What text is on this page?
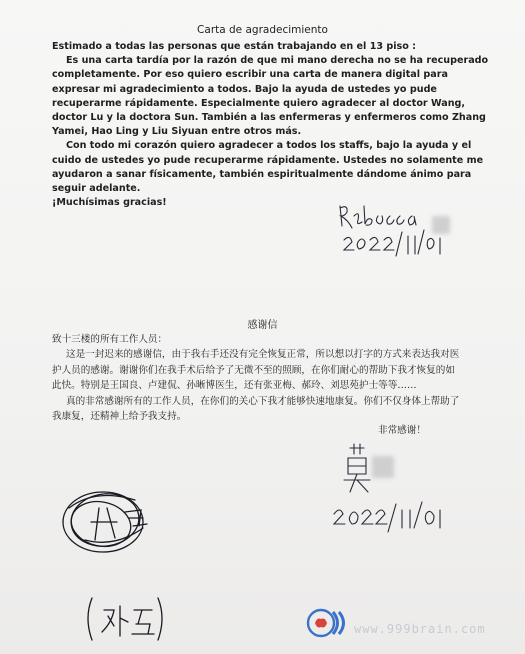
Carta de agradecimiento

Estimado a todas las personas que están trabajando en el 13 piso :

Es una carta tardía por la razón de que mi mano derecha no se ha recuperado completamente. Por eso quiero escribir una carta de manera digital para expresar mi agradecimiento a todos. Bajo la ayuda de ustedes yo pude recuperarme rápidamente. Especialmente quiero agradecer al doctor Wang, doctor Lu y la doctora Sun. También a las enfermeras y enfermeros como Zhang Yamei, Hao Ling y Liu Siyuan entre otros más.

Con todo mi corazón quiero agradecer a todos los staffs, bajo la ayuda y el cuido de ustedes yo pude recuperarme rápidamente. Ustedes no solamente me ayudaron a sanar físicamente, también espiritualmente dándome ánimo para seguir adelante.

¡Muchísimas gracias!

感谢信

致十三楼的所有工作人员：

这是一封迟来的感谢信，由于我右手还没有完全恢复正常，所以想以打字的方式来表达我对医护人员的感谢。谢谢你们在我手术后给予了无微不至的照顾，在你们耐心的帮助下我才恢复的如此快。特别是王国良、卢建侃、孙晰博医生，还有张亚梅、郝玲、刘思苑护士等等……

真的非常感谢所有的工作人员，在你们的关心下我才能够快速地康复。你们不仅身体上帮助了我康复，还精神上给予我支持。

非常感谢！
www.999brain.com
